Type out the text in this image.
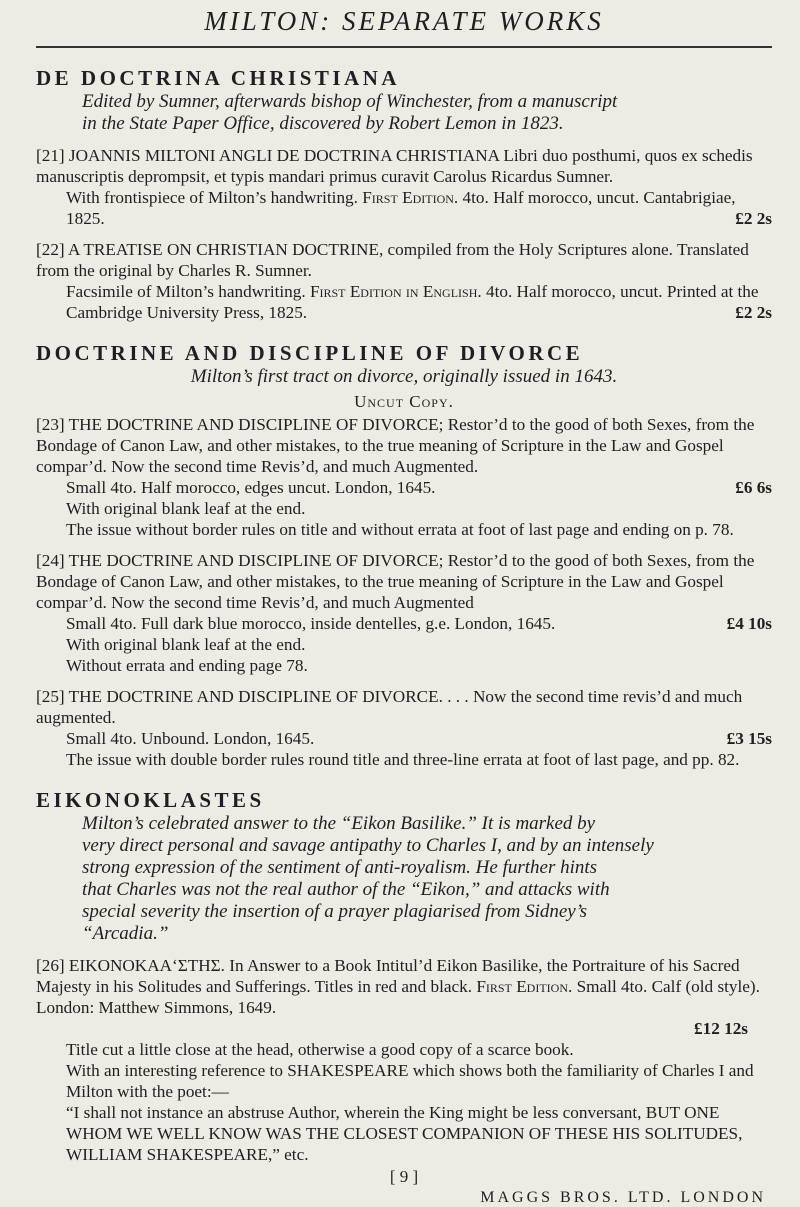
MILTON: SEPARATE WORKS
DE DOCTRINA CHRISTIANA
Edited by Sumner, afterwards bishop of Winchester, from a manuscript
in the State Paper Office, discovered by Robert Lemon in 1823.

[21] JOANNIS MILTONI ANGLI DE DOCTRINA CHRISTIANA Libri duo posthumi, quos ex schedis manuscriptis deprompsit, et typis mandari primus curavit Carolus Ricardus Sumner.

With frontispiece of Milton’s handwriting. First Edition. 4to. Half morocco, uncut. Cantabrigiae, 1825.	£2 2s

[22] A TREATISE ON CHRISTIAN DOCTRINE, compiled from the Holy Scriptures alone. Translated from the original by Charles R. Sumner.

Facsimile of Milton’s handwriting. First Edition in English. 4to. Half morocco, uncut. Printed at the Cambridge University Press, 1825.	£2 2s

DOCTRINE AND DISCIPLINE OF DIVORCE
Milton’s first tract on divorce, originally issued in 1643.
Uncut Copy.

[23] THE DOCTRINE AND DISCIPLINE OF DIVORCE; Restor’d to the good of both Sexes, from the Bondage of Canon Law, and other mistakes, to the true meaning of Scripture in the Law and Gospel compar’d. Now the second time Revis’d, and much Augmented.

Small 4to. Half morocco, edges uncut. London, 1645.	£6 6s

With original blank leaf at the end.

The issue without border rules on title and without errata at foot of last page and ending on p. 78.

[24] THE DOCTRINE AND DISCIPLINE OF DIVORCE; Restor’d to the good of both Sexes, from the Bondage of Canon Law, and other mistakes, to the true meaning of Scripture in the Law and Gospel compar’d. Now the second time Revis’d, and much Augmented

Small 4to. Full dark blue morocco, inside dentelles, g.e. London, 1645.	£4 10s

With original blank leaf at the end.

Without errata and ending page 78.

[25] THE DOCTRINE AND DISCIPLINE OF DIVORCE. . . . Now the second time revis’d and much augmented.

Small 4to. Unbound. London, 1645.	£3 15s

The issue with double border rules round title and three-line errata at foot of last page, and pp. 82.

EIKONOKLASTES
Milton’s celebrated answer to the “Eikon Basilike.” It is marked by
very direct personal and savage antipathy to Charles I, and by an intensely
strong expression of the sentiment of anti-royalism. He further hints
that Charles was not the real author of the “Eikon,” and attacks with
special severity the insertion of a prayer plagiarised from Sidney’s
“Arcadia.”

[26] EIKONOKAA‘ΣTHΣ. In Answer to a Book Intitul’d Eikon Basilike, the Portraiture of his Sacred Majesty in his Solitudes and Sufferings. Titles in red and black. First Edition. Small 4to. Calf (old style). London: Matthew Simmons, 1649.

£12 12s

Title cut a little close at the head, otherwise a good copy of a scarce book.

With an interesting reference to SHAKESPEARE which shows both the familiarity of Charles I and Milton with the poet:—

“I shall not instance an abstruse Author, wherein the King might be less conversant, BUT ONE WHOM WE WELL KNOW WAS THE CLOSEST COMPANION OF THESE HIS SOLITUDES, WILLIAM SHAKESPEARE,” etc.

[ 9 ]
MAGGS BROS. LTD. LONDON
